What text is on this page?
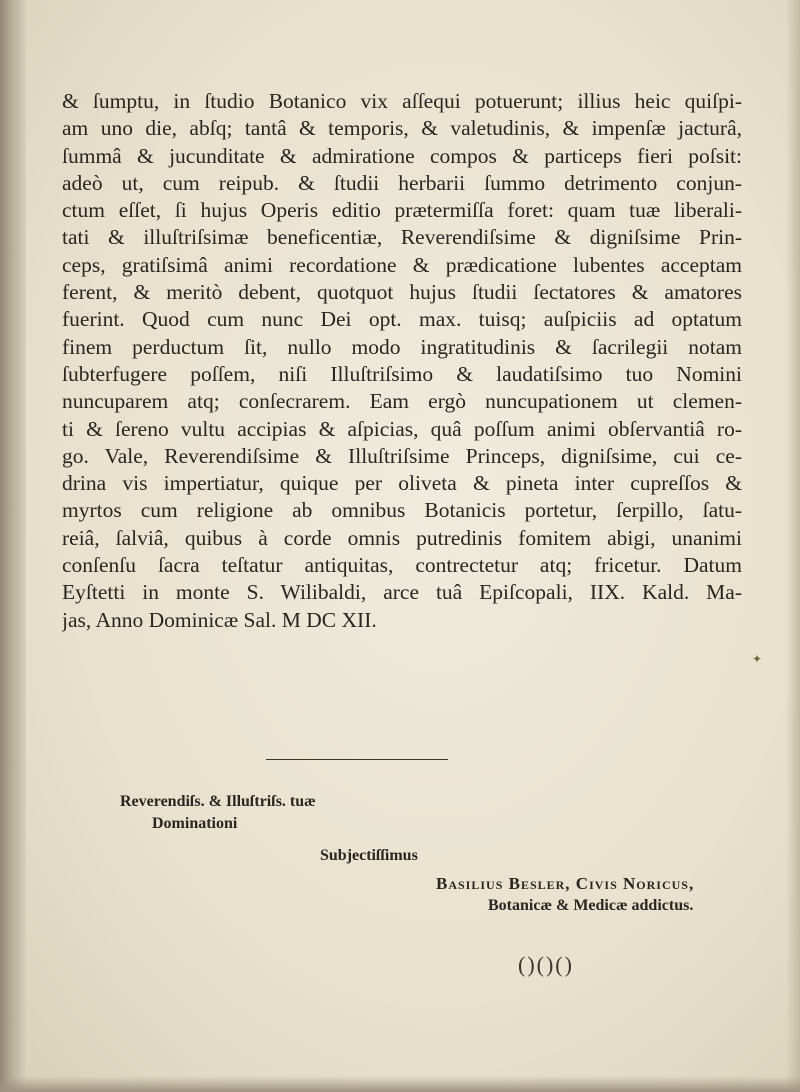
& ſumptu, in ſtudio Botanico vix aſſequi potuerunt; illius heic quiſpi-
am uno die, abſq; tantâ & temporis, & valetudinis, & impenſæ jacturâ,
ſummâ & jucunditate & admiratione compos & particeps fieri poſsit:
adeò ut, cum reipub. & ſtudii herbarii ſummo detrimento conjun-
ctum eſſet, ſi hujus Operis editio prætermiſſa foret: quam tuæ liberali-
tati & illuſtriſsimæ beneficentiæ, Reverendiſsime & digniſsime Prin-
ceps, gratiſsimâ animi recordatione & prædicatione lubentes acceptam
ferent, & meritò debent, quotquot hujus ſtudii ſectatores & amatores
fuerint. Quod cum nunc Dei opt. max. tuisq; auſpiciis ad optatum
finem perductum ſit, nullo modo ingratitudinis & ſacrilegii notam
ſubterfugere poſſem, niſi Illuſtriſsimo & laudatiſsimo tuo Nomini
nuncuparem atq; conſecrarem. Eam ergò nuncupationem ut clemen-
ti & ſereno vultu accipias & aſpicias, quâ poſſum animi obſervantiâ ro-
go. Vale, Reverendiſsime & Illuſtriſsime Princeps, digniſsime, cui ce-
drina vis impertiatur, quique per oliveta & pineta inter cupreſſos &
myrtos cum religione ab omnibus Botanicis portetur, ſerpillo, ſatu-
reiâ, ſalviâ, quibus à corde omnis putredinis fomitem abigi, unanimi
conſenſu ſacra teſtatur antiquitas, contrectetur atq; fricetur. Datum
Eyſtetti in monte S. Wilibaldi, arce tuâ Epiſcopali, IIX. Kald. Ma-
jas, Anno Dominicæ Sal. M DC XII.
Reverendiſs. & Illuſtriſs. tuæ
Dominationi
Subjectiſſimus
Basilius Besler, Civis Noricus,
Botanicæ & Medicæ addictus.
()()()
✦
